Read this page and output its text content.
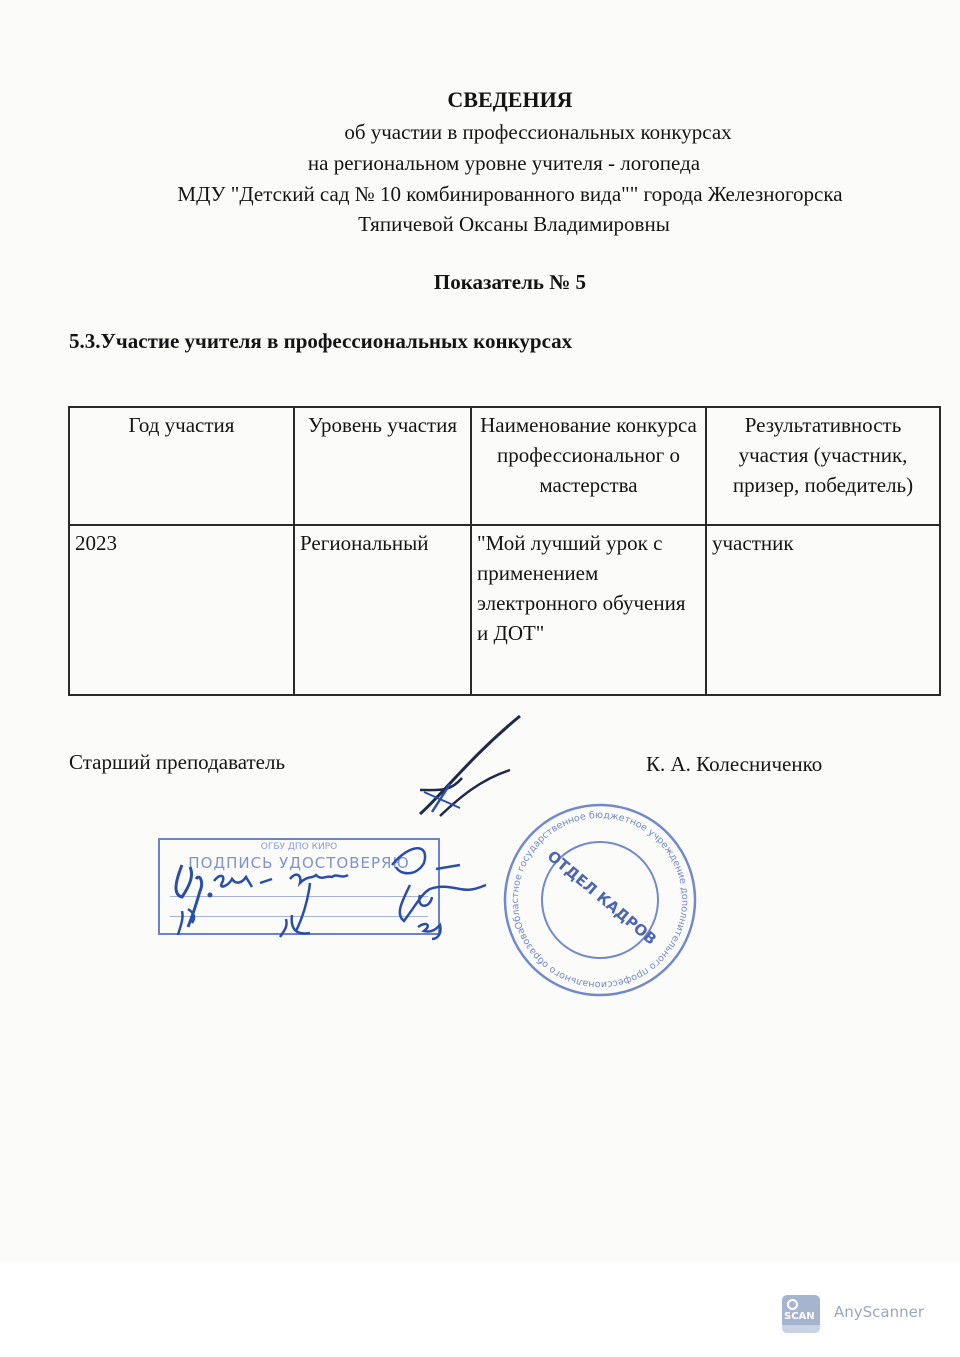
СВЕДЕНИЯ
об участии в профессиональных конкурсах
на региональном уровне учителя - логопеда
МДУ "Детский сад № 10 комбинированного вида"" города Железногорска
Тяпичевой Оксаны Владимировны
Показатель № 5
5.3.Участие учителя в профессиональных конкурсах
Год участия	Уровень участия	Наименование конкурса профессиональног о мастерства	Результативность участия (участник, призер, победитель)
2023	Региональный	"Мой лучший урок с применением электронного обучения и ДОТ"	участник
Старший преподаватель	К. А. Колесниченко
ОГБУ ДПО КИРО
ПОДПИСЬ УДОСТОВЕРЯЮ
Областное государственное бюджетное учреждение дополнительного профессионального образования
ОТДЕЛ КАДРОВ
SCAN AnyScanner
